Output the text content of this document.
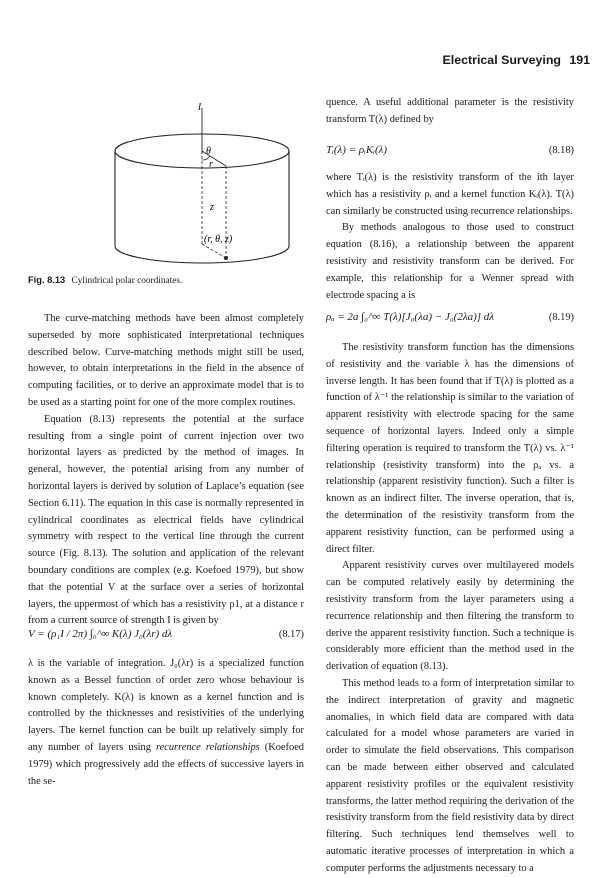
Electrical Surveying 191
l
θ
r
z
(r, θ, z)
Fig. 8.13 Cylindrical polar coordinates.

The curve-matching methods have been almost completely superseded by more sophisticated interpretational techniques described below. Curve-matching methods might still be used, however, to obtain interpretations in the field in the absence of computing facilities, or to derive an approximate model that is to be used as a starting point for one of the more complex routines.

Equation (8.13) represents the potential at the surface resulting from a single point of current injection over two horizontal layers as predicted by the method of images. In general, however, the potential arising from any number of horizontal layers is derived by solution of Laplace’s equation (see Section 6.11). The equation in this case is normally represented in cylindrical coordinates as electrical fields have cylindrical symmetry with respect to the vertical line through the current source (Fig. 8.13). The solution and application of the relevant boundary conditions are complex (e.g. Koefoed 1979), but show that the potential V at the surface over a series of horizontal layers, the uppermost of which has a resistivity ρ1, at a distance r from a current source of strength I is given by

V = (ρ₁I / 2π) ∫₀^∞ K(λ) J₀(λr) dλ	(8.17)

λ is the variable of integration. J₀(λr) is a specialized function known as a Bessel function of order zero whose behaviour is known completely. K(λ) is known as a kernel function and is controlled by the thicknesses and resistivities of the underlying layers. The kernel function can be built up relatively simply for any number of layers using recurrence relationships (Koefoed 1979) which progressively add the effects of successive layers in the se-

quence. A useful additional parameter is the resistivity transform T(λ) defined by

Tᵢ(λ) = ρᵢKᵢ(λ)	(8.18)

where Tᵢ(λ) is the resistivity transform of the ith layer which has a resistivity ρᵢ and a kernel function Kᵢ(λ). T(λ) can similarly be constructed using recurrence relationships.

By methods analogous to those used to construct equation (8.16), a relationship between the apparent resistivity and resistivity transform can be derived. For example, this relationship for a Wenner spread with electrode spacing a is

ρₐ = 2a ∫₀^∞ T(λ)[J₀(λa) − J₀(2λa)] dλ	(8.19)

The resistivity transform function has the dimensions of resistivity and the variable λ has the dimensions of inverse length. It has been found that if T(λ) is plotted as a function of λ⁻¹ the relationship is similar to the variation of apparent resistivity with electrode spacing for the same sequence of horizontal layers. Indeed only a simple filtering operation is required to transform the T(λ) vs. λ⁻¹ relationship (resistivity transform) into the ρₐ vs. a relationship (apparent resistivity function). Such a filter is known as an indirect filter. The inverse operation, that is, the determination of the resistivity transform from the apparent resistivity function, can be performed using a direct filter.

Apparent resistivity curves over multilayered models can be computed relatively easily by determining the resistivity transform from the layer parameters using a recurrence relationship and then filtering the transform to derive the apparent resistivity function. Such a technique is considerably more efficient than the method used in the derivation of equation (8.13).

This method leads to a form of interpretation similar to the indirect interpretation of gravity and magnetic anomalies, in which field data are compared with data calculated for a model whose parameters are varied in order to simulate the field observations. This comparison can be made between either observed and calculated apparent resistivity profiles or the equivalent resistivity transforms, the latter method requiring the derivation of the resistivity transform from the field resistivity data by direct filtering. Such techniques lend themselves well to automatic iterative processes of interpretation in which a computer performs the adjustments necessary to a
